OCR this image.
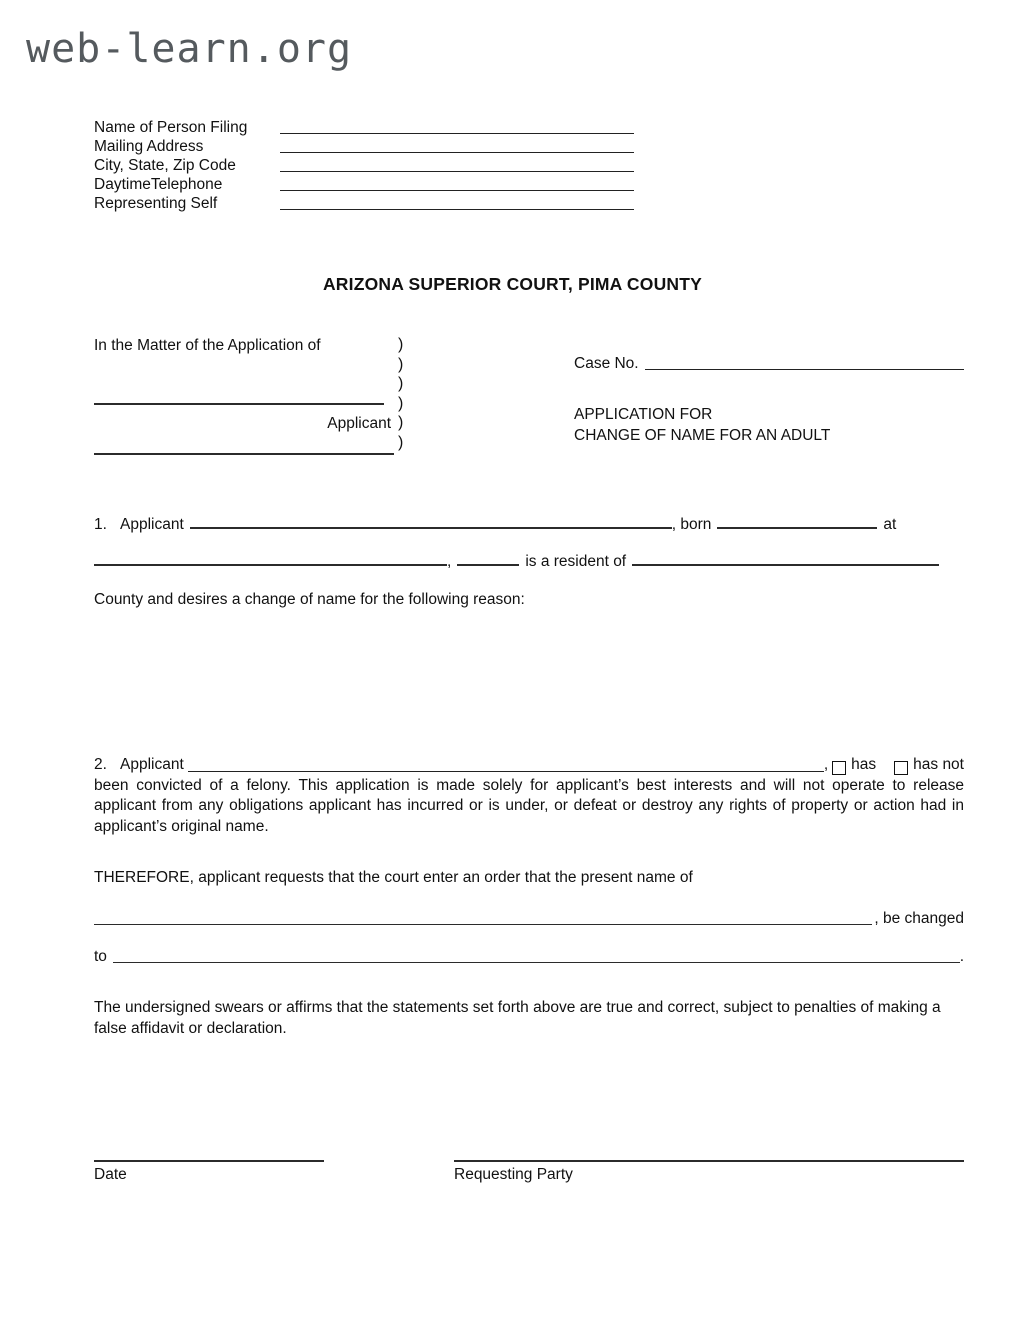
web-learn.org
Name of Person Filing
Mailing Address
City, State, Zip Code
DaytimeTelephone
Representing Self
ARIZONA SUPERIOR COURT, PIMA COUNTY
In the Matter of the Application of
Applicant
)
)
)
)
)
)
Case No.
APPLICATION FOR
CHANGE OF NAME FOR AN ADULT
1. Applicant	, born	at
,	is a resident of
County and desires a change of name for the following reason:
2. Applicant	, has has not
been convicted of a felony. This application is made solely for applicant’s best interests and will not operate to release applicant from any obligations applicant has incurred or is under, or defeat or destroy any rights of property or action had in applicant’s original name.
THEREFORE, applicant requests that the court enter an order that the present name of
, be changed
to	.
The undersigned swears or affirms that the statements set forth above are true and correct, subject to penalties of making a false affidavit or declaration.
Date	Requesting Party
